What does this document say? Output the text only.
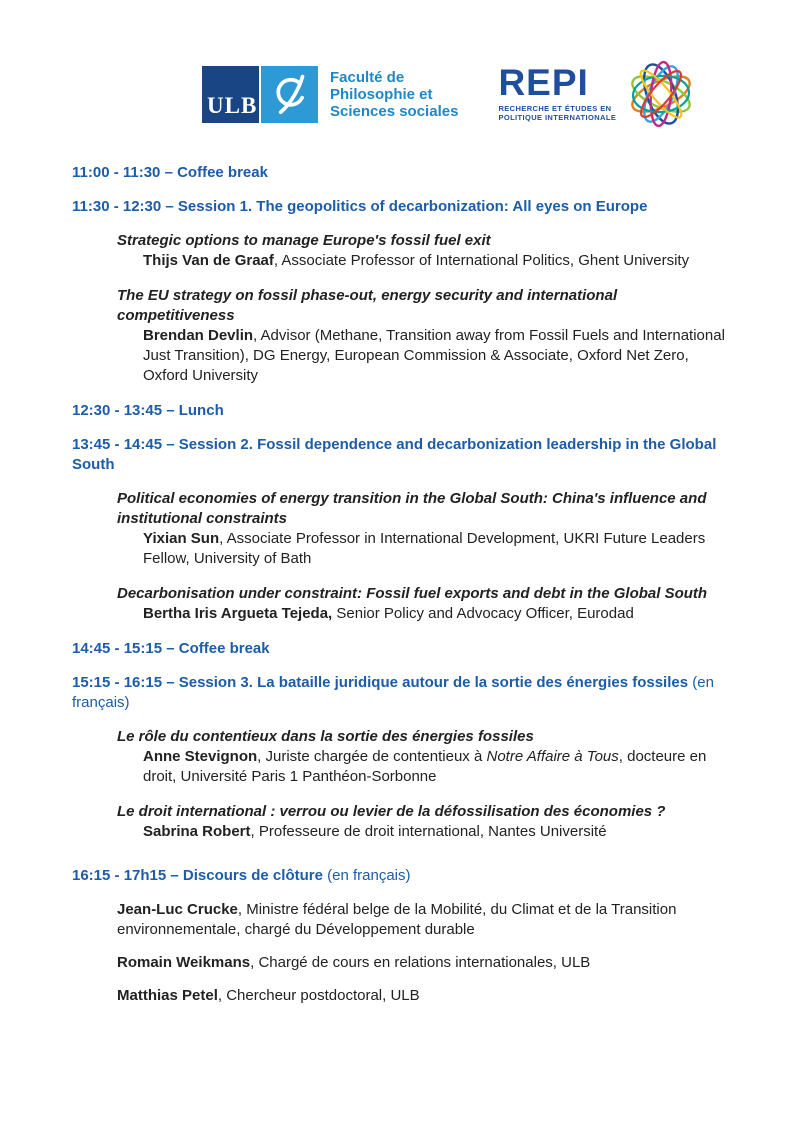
ULB
Faculté de
Philosophie et
Sciences sociales
REPI
RECHERCHE ET ÉTUDES EN
POLITIQUE INTERNATIONALE

11:00 - 11:30 – Coffee break

11:30 - 12:30 – Session 1. The geopolitics of decarbonization: All eyes on Europe

Strategic options to manage Europe's fossil fuel exit

Thijs Van de Graaf, Associate Professor of International Politics, Ghent University

The EU strategy on fossil phase-out, energy security and international competitiveness

Brendan Devlin, Advisor (Methane, Transition away from Fossil Fuels and International Just Transition), DG Energy, European Commission & Associate, Oxford Net Zero, Oxford University

12:30 - 13:45 – Lunch

13:45 - 14:45 – Session 2. Fossil dependence and decarbonization leadership in the Global South

Political economies of energy transition in the Global South: China's influence and institutional constraints

Yixian Sun, Associate Professor in International Development, UKRI Future Leaders Fellow, University of Bath

Decarbonisation under constraint: Fossil fuel exports and debt in the Global South

Bertha Iris Argueta Tejeda, Senior Policy and Advocacy Officer, Eurodad

14:45 - 15:15 – Coffee break

15:15 - 16:15 – Session 3. La bataille juridique autour de la sortie des énergies fossiles (en français)

Le rôle du contentieux dans la sortie des énergies fossiles

Anne Stevignon, Juriste chargée de contentieux à Notre Affaire à Tous, docteure en droit, Université Paris 1 Panthéon-Sorbonne

Le droit international : verrou ou levier de la défossilisation des économies ?

Sabrina Robert, Professeure de droit international, Nantes Université

16:15 - 17h15 – Discours de clôture (en français)

Jean-Luc Crucke, Ministre fédéral belge de la Mobilité, du Climat et de la Transition environnementale, chargé du Développement durable

Romain Weikmans, Chargé de cours en relations internationales, ULB

Matthias Petel, Chercheur postdoctoral, ULB
